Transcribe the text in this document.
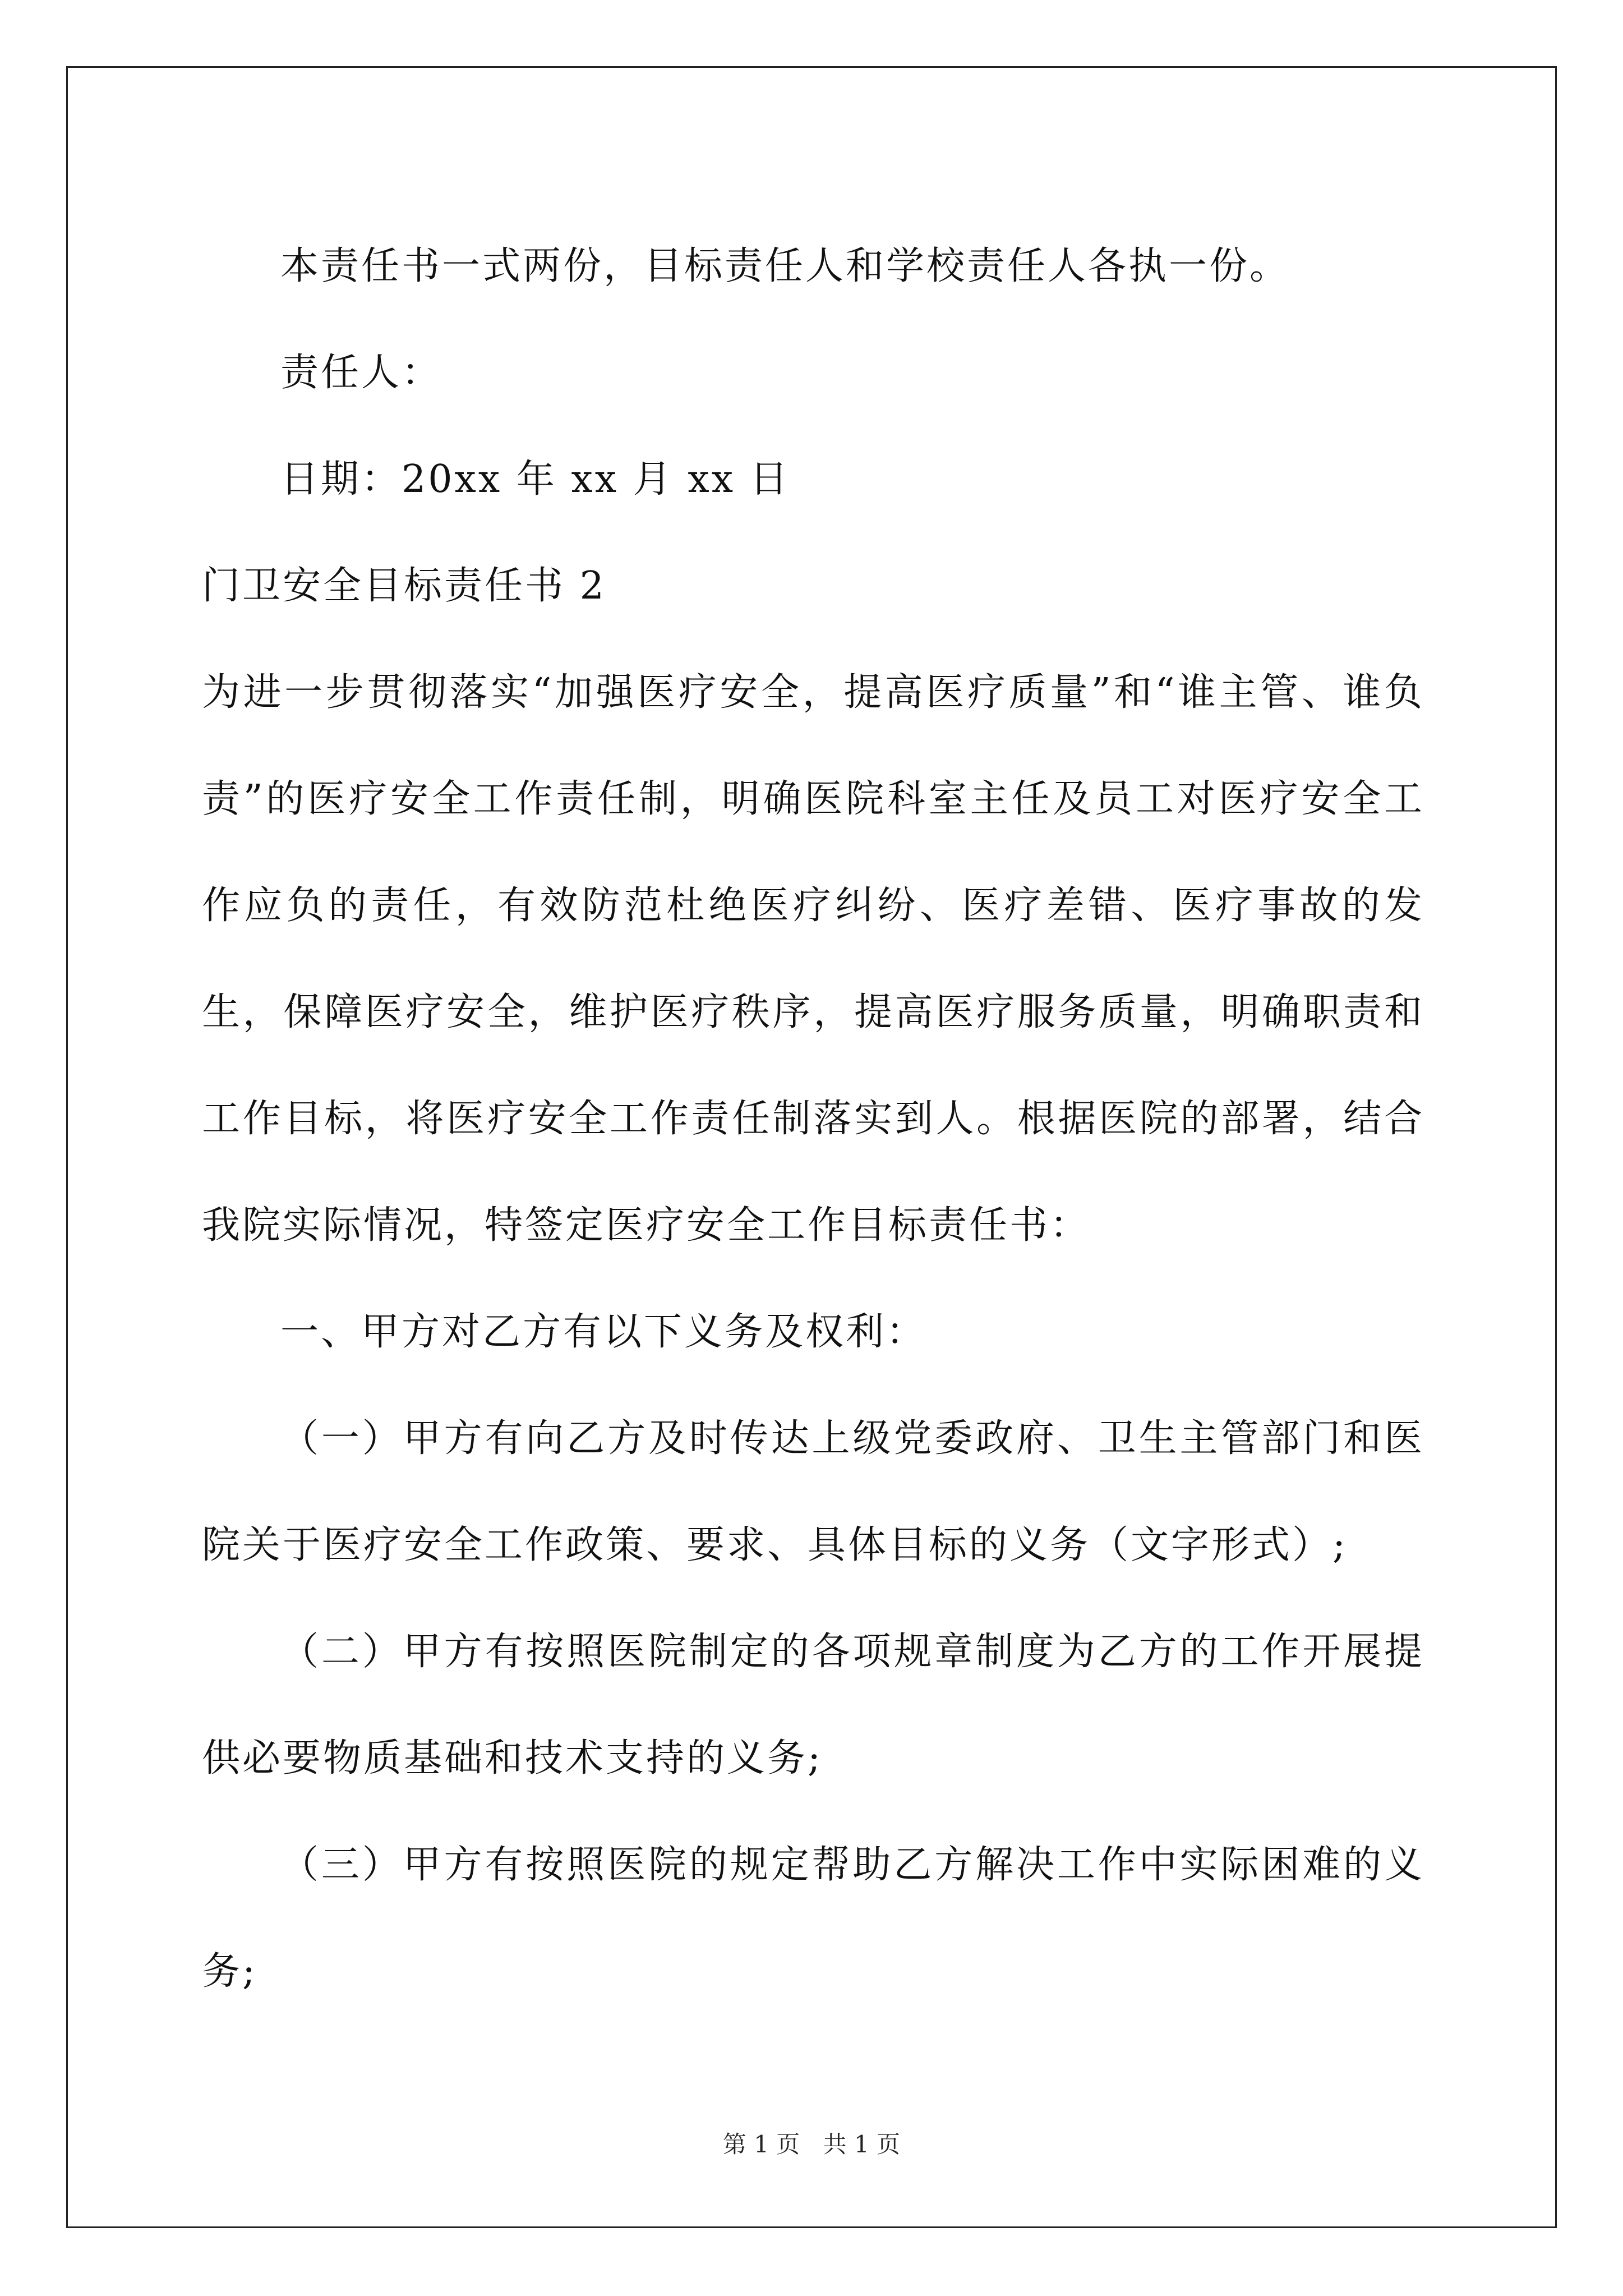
本责任书一式两份，目标责任人和学校责任人各执一份。

责任人：

日期：20xx 年 xx 月 xx 日

门卫安全目标责任书 2

为进一步贯彻落实“加强医疗安全，提高医疗质量”和“谁主管、谁负责”的医疗安全工作责任制，明确医院科室主任及员工对医疗安全工作应负的责任，有效防范杜绝医疗纠纷、医疗差错、医疗事故的发生，保障医疗安全，维护医疗秩序，提高医疗服务质量，明确职责和工作目标，将医疗安全工作责任制落实到人。根据医院的部署，结合我院实际情况，特签定医疗安全工作目标责任书：

一、甲方对乙方有以下义务及权利：

（一）甲方有向乙方及时传达上级党委政府、卫生主管部门和医院关于医疗安全工作政策、要求、具体目标的义务（文字形式）;

（二）甲方有按照医院制定的各项规章制度为乙方的工作开展提供必要物质基础和技术支持的义务;

（三）甲方有按照医院的规定帮助乙方解决工作中实际困难的义务;

第 1 页 共 1 页
